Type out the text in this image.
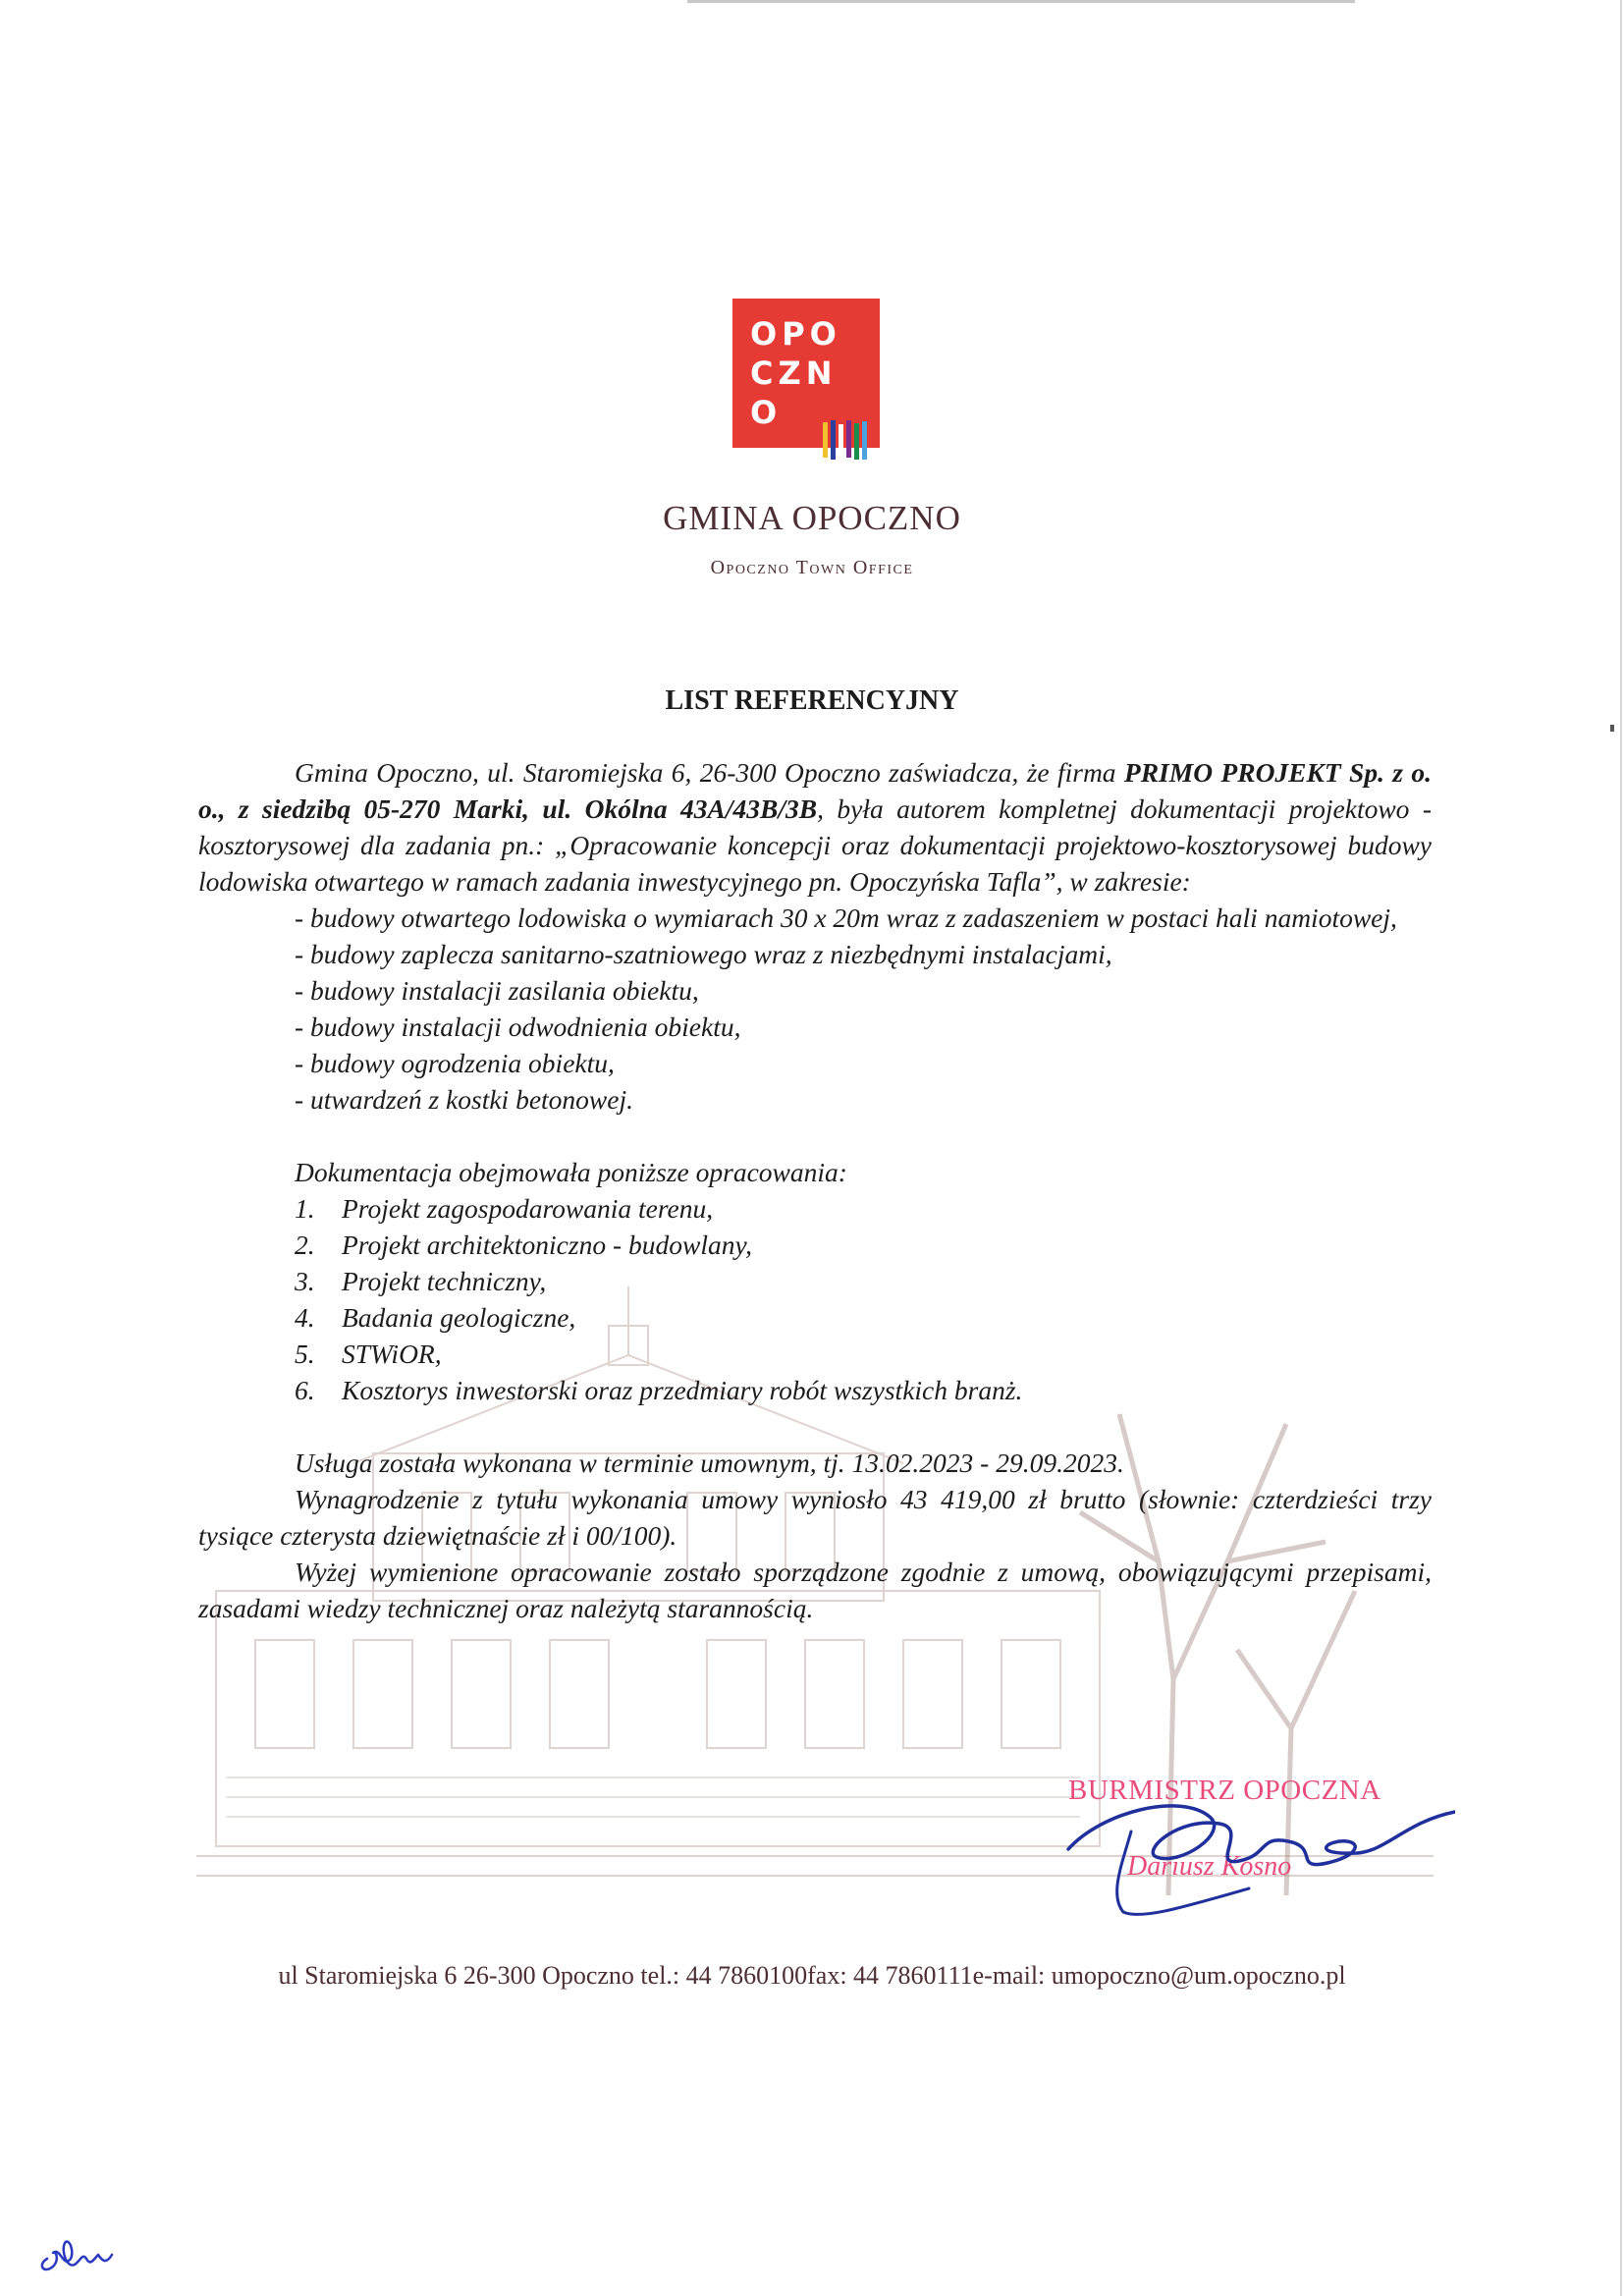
OPO
CZN
O
GMINA OPOCZNO
Opoczno Town Office
LIST REFERENCYJNY

Gmina Opoczno, ul. Staromiejska 6, 26-300 Opoczno zaświadcza, że firma PRIMO PROJEKT Sp. z o. o., z siedzibą 05-270 Marki, ul. Okólna 43A/43B/3B, była autorem kompletnej dokumentacji projektowo - kosztorysowej dla zadania pn.: „Opracowanie koncepcji oraz dokumentacji projektowo-kosztorysowej budowy lodowiska otwartego w ramach zadania inwestycyjnego pn. Opoczyńska Tafla”, w zakresie:

- budowy otwartego lodowiska o wymiarach 30 x 20m wraz z zadaszeniem w postaci hali namiotowej,

- budowy zaplecza sanitarno-szatniowego wraz z niezbędnymi instalacjami,

- budowy instalacji zasilania obiektu,

- budowy instalacji odwodnienia obiektu,

- budowy ogrodzenia obiektu,

- utwardzeń z kostki betonowej.

Dokumentacja obejmowała poniższe opracowania:

1. Projekt zagospodarowania terenu,
2. Projekt architektoniczno - budowlany,
3. Projekt techniczny,
4. Badania geologiczne,
5. STWiOR,
6. Kosztorys inwestorski oraz przedmiary robót wszystkich branż.

Usługa została wykonana w terminie umownym, tj. 13.02.2023 - 29.09.2023.

Wynagrodzenie z tytułu wykonania umowy wyniosło 43 419,00 zł brutto (słownie: czterdzieści trzy tysiące czterysta dziewiętnaście zł i 00/100).

Wyżej wymienione opracowanie zostało sporządzone zgodnie z umową, obowiązującymi przepisami, zasadami wiedzy technicznej oraz należytą starannością.

BURMISTRZ OPOCZNA
Dariusz Kosno
ul Staromiejska 6 26-300 Opoczno tel.: 44 7860100fax: 44 7860111e-mail: umopoczno@um.opoczno.pl
